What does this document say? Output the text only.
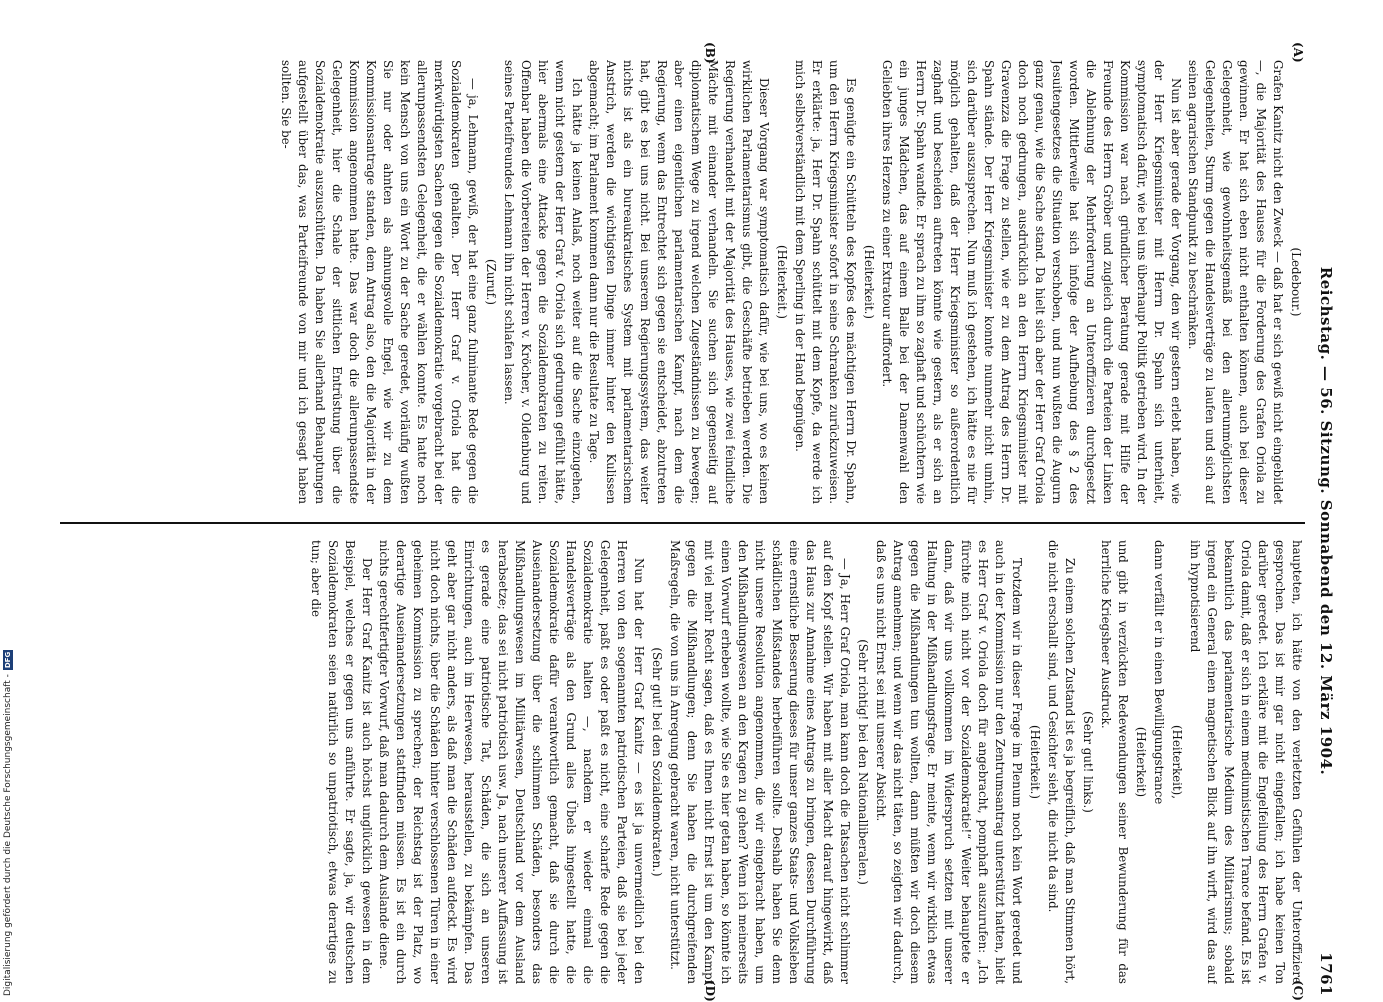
Reichstag. — 56. Sitzung. Sonnabend den 12. März 1904.
1761
(A)
(B)
(C)
(D)

(Ledebour.)

Grafen Kanitz nicht den Zweck — daß hat er sich gewiß nicht eingebildet —, die Majorität des Hauses für die Forderung des Grafen Oriola zu gewinnen. Er hat sich eben nicht enthalten können, auch bei dieser Gelegenheit, wie gewohnheitsgemäß bei den allerunmöglichsten Gelegenheiten, Sturm gegen die Handelsverträge zu laufen und sich auf seinen agrarischen Standpunkt zu beschränken.

Nun ist aber gerade der Vorgang, den wir gestern erlebt haben, wie der Herr Kriegsminister mit Herrn Dr. Spahn sich unterhielt, symptomatisch dafür, wie bei uns überhaupt Politik getrieben wird. In der Kommission war nach gründlicher Beratung gerade mit Hilfe der Freunde des Herrn Gröber und zugleich durch die Parteien der Linken die Ablehnung der Mehrforderung an Unteroffizieren durchgesetzt worden. Mittlerweile hat sich infolge der Aufhebung des § 2 des Jesuitengesetzes die Situation verschoben, und nun wußten die Augurn ganz genau, wie die Sache stand. Da hielt sich aber der Herr Graf Oriola doch noch gedrungen, ausdrücklich an den Herrn Kriegsminister mit Gravenzza die Frage zu stellen, wie er zu dem Antrag des Herrn Dr. Spahn stände. Der Herr Kriegsminister konnte nunmehr nicht umhin, sich darüber auszusprechen. Nun muß ich gestehen, ich hätte es nie für möglich gehalten, daß der Herr Kriegsminister so außerordentlich zaghaft und bescheiden auftreten könnte wie gestern, als er sich an Herrn Dr. Spahn wandte. Er sprach zu ihm so zaghaft und schüchtern wie ein junges Mädchen, das auf einem Balle bei der Damenwahl den Geliebten ihres Herzens zu einer Extratour auffordert.

(Heiterkeit.)

Es genügte ein Schütteln des Kopfes des mächtigen Herrn Dr. Spahn, um den Herrn Kriegsminister sofort in seine Schranken zurückzuweisen. Er erklärte: ja, Herr Dr. Spahn schüttelt mit dem Kopfe, da werde ich mich selbstverständlich mit dem Sperling in der Hand begnügen.

(Heiterkeit.)

Dieser Vorgang war symptomatisch dafür, wie bei uns, wo es keinen wirklichen Parlamentarismus gibt, die Geschäfte betrieben werden. Die Regierung verhandelt mit der Majorität des Hauses, wie zwei feindliche Mächte mit einander verhandeln. Sie suchen sich gegenseitig auf diplomatischem Wege zu irgend welchen Zugeständnissen zu bewegen; aber einen eigentlichen parlamentarischen Kampf, nach dem die Regierung, wenn das Entrechtet sich gegen sie entscheidet, abzutreten hat, gibt es bei uns nicht. Bei unserem Regierungssystem, das weiter nichts ist als ein bureaukratisches System mit parlamentarischem Anstrich, werden die wichtigsten Dinge immer hinter den Kulissen abgemacht; im Parlament kommen dann nur die Resultate zu Tage.

Ich hätte ja keinen Anlaß, noch weiter auf die Sache einzugehen, wenn nicht gestern der Herr Graf v. Oriola sich gedrungen gefühlt hätte, hier abermals eine Attacke gegen die Sozialdemokraten zu reiten. Offenbar haben die Vorbereiten der Herren v. Kröcher, v. Oldenburg und seines Parteifreundes Lehmann ihn nicht schlafen lassen.

(Zuruf.)

— ja, Lehmann, gewiß, der hat eine ganz fulminante Rede gegen die Sozialdemokraten gehalten. Der Herr Graf v. Oriola hat die merkwürdigsten Sachen gegen die Sozialdemokratie vorgebracht bei der allerunpassendsten Gelegenheit, die er wählen konnte. Es hatte noch kein Mensch von uns ein Wort zu der Sache geredet, vorläufig wußten Sie nur oder ahnten als ahnungsvolle Engel, wie wir zu dem Kommissionsantrage standen, dem Antrag also, den die Majorität in der Kommission angenommen hatte. Das war doch die allerunpassendste Gelegenheit, hier die Schale der sittlichen Entrüstung über die Sozialdemokratie auszuschütten. Da haben Sie allerhand Behauptungen aufgestellt über das, was Parteifreunde von mir und ich gesagt haben sollten. Sie be-

haupteten, ich hätte von den verletzten Gefühlen der Unteroffiziere gesprochen. Das ist mir gar nicht eingefallen; ich habe keinen Ton darüber geredet. Ich erkläre mit die Engelfeilung des Herrn Grafen v. Oriola damit, daß er sich in einem mediumistischen Trance befand. Es ist bekanntlich das parlamentarische Medium des Militarismus; sobald irgend ein General einen magnetischen Blick auf ihn wirft, wird das auf ihn hypnotisierend

(Heiterkeit),

dann verfällt er in einen Bewilligungstrance

(Heiterkeit)

und gibt in verzückten Redewendungen seiner Bewunderung für das herrliche Kriegsheer Ausdruck.

(Sehr gut! links.)

Zu einem solchen Zustand ist es ja begreiflich, daß man Stimmen hört, die nicht erschallt sind, und Gesichter sieht, die nicht da sind.

(Heiterkeit.)

Trotzdem wir in dieser Frage im Plenum noch kein Wort geredet und auch in der Kommission nur den Zentrumsantrag unterstützt hatten, hielt es Herr Graf v. Oriola doch für angebracht, pomphaft auszurufen: „Ich fürchte mich nicht vor der Sozialdemokratie!“ Weiter behauptete er dann, daß wir uns vollkommen im Widerspruch setzten mit unserer Haltung in der Mißhandlungsfrage. Er meinte, wenn wir wirklich etwas gegen die Mißhandlungen tun wollten, dann müßten wir doch diesem Antrag annehmen; und wenn wir das nicht täten, so zeigten wir dadurch, daß es uns nicht Ernst sei mit unserer Absicht.

(Sehr richtig! bei den Nationalliberalen.)

— Ja, Herr Graf Oriola, man kann doch die Tatsachen nicht schlimmer auf den Kopf stellen. Wir haben mit aller Macht darauf hingewirkt, daß das Haus zur Annahme eines Antrags zu bringen, dessen Durchführung eine ernstliche Besserung dieses für unser ganzes Staats- und Volksleben schädlichen Mißstandes herbeiführen sollte. Deshalb haben Sie denn nicht unsere Resolution angenommen, die wir eingebracht haben, um den Mißhandlungswesen an den Kragen zu gehen? Wenn ich meinerseits einen Vorwurf erheben wollte, wie Sie es hier getan haben, so könnte ich mit viel mehr Recht sagen, daß es Ihnen nicht Ernst ist um den Kampf gegen die Mißhandlungen; denn Sie haben die durchgreifenden Maßregeln, die von uns in Anregung gebracht waren, nicht unterstützt.

(Sehr gut! bei den Sozialdemokraten.)

Nun hat der Herr Graf Kanitz — es ist ja unvermeidlich bei den Herren von den sogenannten patriotischen Parteien, daß sie bei jeder Gelegenheit, paßt es oder paßt es nicht, eine scharfe Rede gegen die Sozialdemokratie halten —, nachdem er wieder einmal die Handelsverträge als den Grund alles Übels hingestellt hatte, die Sozialdemokratie dafür verantwortlich gemacht, daß sie durch die Auseinandersetzung über die schlimmen Schäden, besonders das Mißhandlungswesen im Militärwesen, Deutschland vor dem Ausland herabsetze; das sei nicht patriotisch usw. Ja, nach unserer Auffassung ist es gerade eine patriotische Tat, Schäden, die sich an unseren Einrichtungen, auch im Heerwesen, herausstellen, zu bekämpfen. Das geht aber gar nicht anders, als daß man die Schäden aufdeckt. Es wird nicht doch nichts, über die Schäden hinter verschlossenen Türen in einer geheimen Kommission zu sprechen; der Reichstag ist der Platz, wo derartige Auseinandersetzungen stattfinden müssen. Es ist ein durch nichts gerechtfertigter Vorwurf, daß man dadurch dem Auslande diene.

Der Herr Graf Kanitz ist auch höchst unglücklich gewesen in dem Beispiel, welches er gegen uns anführte. Er sagte, ja, wir deutschen Sozialdemokraten seien natürlich so unpatriotisch, etwas derartiges zu tun; aber die

Digitalisierung gefördert durch die Deutsche Forschungsgemeinschaft -
DFG
